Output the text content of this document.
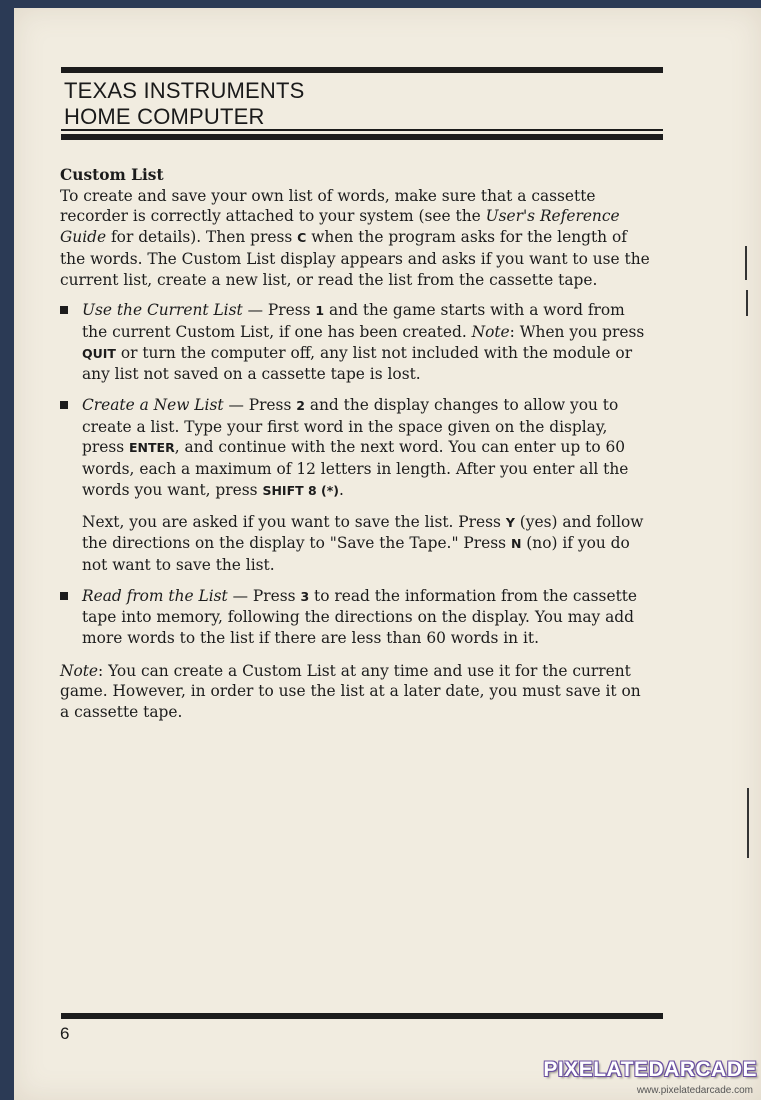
TEXAS INSTRUMENTS
HOME COMPUTER
Custom List

To create and save your own list of words, make sure that a cassette recorder is correctly attached to your system (see the User's Reference Guide for details). Then press C when the program asks for the length of the words. The Custom List display appears and asks if you want to use the current list, create a new list, or read the list from the cassette tape.

Use the Current List — Press 1 and the game starts with a word from the current Custom List, if one has been created. Note: When you press QUIT or turn the computer off, any list not included with the module or any list not saved on a cassette tape is lost.
Create a New List — Press 2 and the display changes to allow you to create a list. Type your first word in the space given on the display, press ENTER, and continue with the next word. You can enter up to 60 words, each a maximum of 12 letters in length. After you enter all the words you want, press SHIFT 8 (*).

Next, you are asked if you want to save the list. Press Y (yes) and follow the directions on the display to "Save the Tape." Press N (no) if you do not want to save the list.

Read from the List — Press 3 to read the information from the cassette tape into memory, following the directions on the display. You may add more words to the list if there are less than 60 words in it.

Note: You can create a Custom List at any time and use it for the current game. However, in order to use the list at a later date, you must save it on a cassette tape.

6
PIXELATEDARCADE
www.pixelatedarcade.com
